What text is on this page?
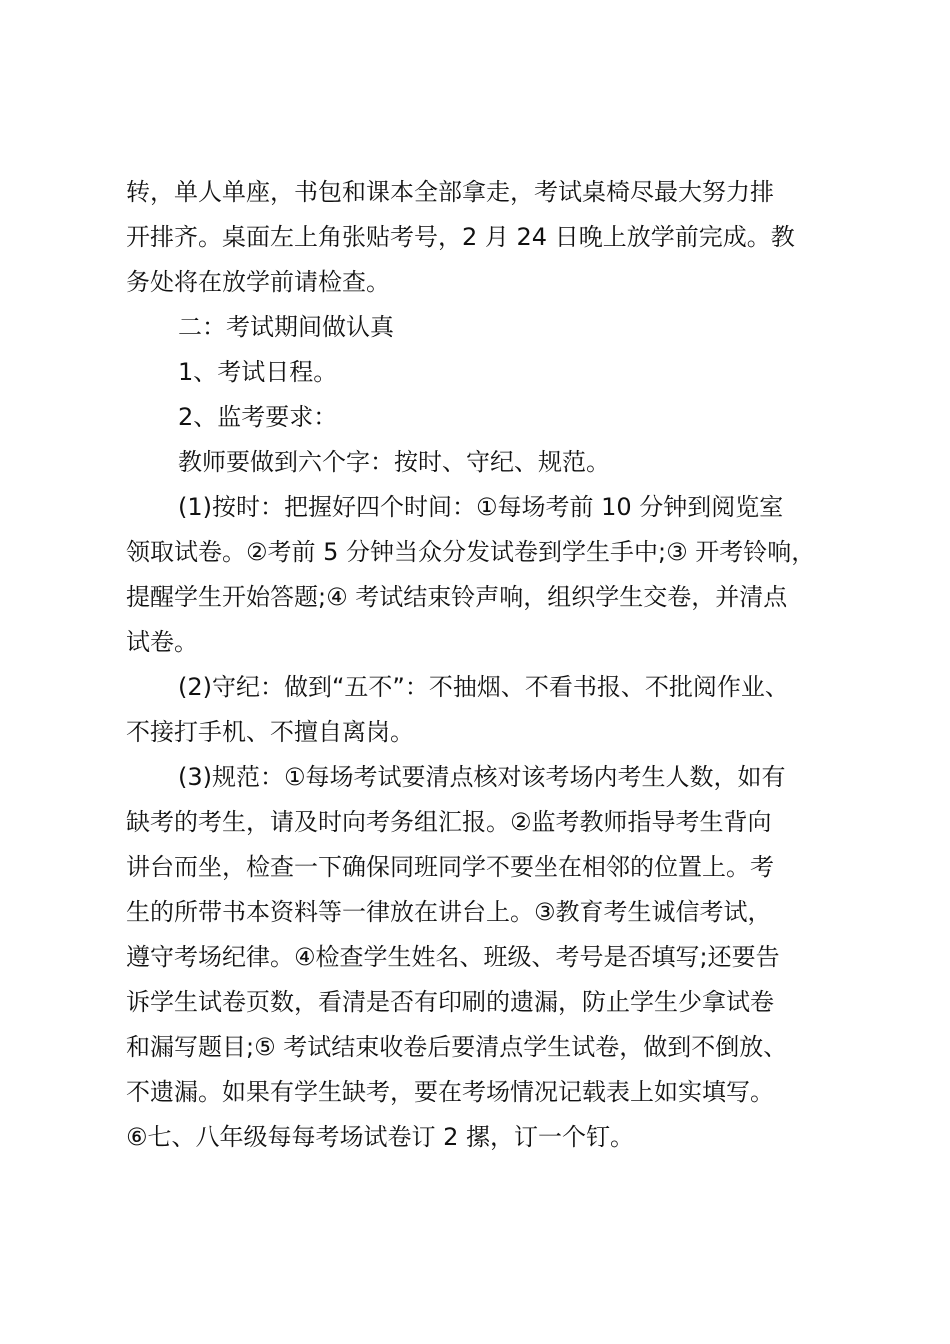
转，单人单座，书包和课本全部拿走，考试桌椅尽最大努力排
开排齐。桌面左上角张贴考号，2 月 24 日晚上放学前完成。教
务处将在放学前请检查。

二：考试期间做认真

1、考试日程。

2、监考要求：

教师要做到六个字：按时、守纪、规范。

(1)按时：把握好四个时间：①每场考前 10 分钟到阅览室
领取试卷。②考前 5 分钟当众分发试卷到学生手中;③ 开考铃响，
提醒学生开始答题;④ 考试结束铃声响，组织学生交卷，并清点
试卷。

(2)守纪：做到“五不”：不抽烟、不看书报、不批阅作业、
不接打手机、不擅自离岗。

(3)规范：①每场考试要清点核对该考场内考生人数，如有
缺考的考生，请及时向考务组汇报。②监考教师指导考生背向
讲台而坐，检查一下确保同班同学不要坐在相邻的位置上。考
生的所带书本资料等一律放在讲台上。③教育考生诚信考试，
遵守考场纪律。④检查学生姓名、班级、考号是否填写;还要告
诉学生试卷页数，看清是否有印刷的遗漏，防止学生少拿试卷
和漏写题目;⑤ 考试结束收卷后要清点学生试卷，做到不倒放、
不遗漏。如果有学生缺考，要在考场情况记载表上如实填写。
⑥七、八年级每每考场试卷订 2 摞，订一个钉。
